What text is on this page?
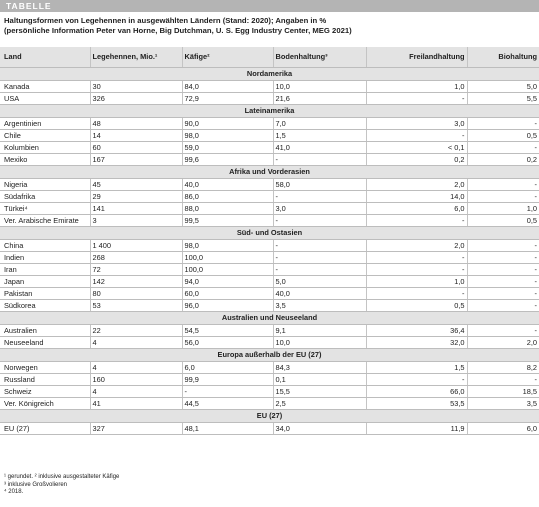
TABELLE
Haltungsformen von Legehennen in ausgewählten Ländern (Stand: 2020); Angaben in %
(persönliche Information Peter van Horne, Big Dutchman, U. S. Egg Industry Center, MEG 2021)
Land	Legehennen, Mio.¹	Käfige²	Bodenhaltung³	Freilandhaltung	Biohaltung
Nordamerika					
Kanada	30	84,0	10,0	1,0	5,0
USA	326	72,9	21,6	-	5,5
Lateinamerika					
Argentinien	48	90,0	7,0	3,0	-
Chile	14	98,0	1,5	-	0,5
Kolumbien	60	59,0	41,0	< 0,1	-
Mexiko	167	99,6	-	0,2	0,2
Afrika und Vorderasien					
Nigeria	45	40,0	58,0	2,0	-
Südafrika	29	86,0	-	14,0	-
Türkei⁴	141	88,0	3,0	6,0	1,0
Ver. Arabische Emirate	3	99,5	-	-	0,5
Süd- und Ostasien					
China	1 400	98,0	-	2,0	-
Indien	268	100,0	-	-	-
Iran	72	100,0	-	-	-
Japan	142	94,0	5,0	1,0	-
Pakistan	80	60,0	40,0	-	-
Südkorea	53	96,0	3,5	0,5	-
Australien und Neuseeland					
Australien	22	54,5	9,1	36,4	-
Neuseeland	4	56,0	10,0	32,0	2,0
Europa außerhalb der EU (27)					
Norwegen	4	6,0	84,3	1,5	8,2
Russland	160	99,9	0,1	-	-
Schweiz	4	-	15,5	66,0	18,5
Ver. Königreich	41	44,5	2,5	53,5	3,5
EU (27)					
EU (27)	327	48,1	34,0	11,9	6,0
¹ gerundet. ² inklusive ausgestalteter Käfige
³ inklusive Großvolieren
⁴ 2018.
